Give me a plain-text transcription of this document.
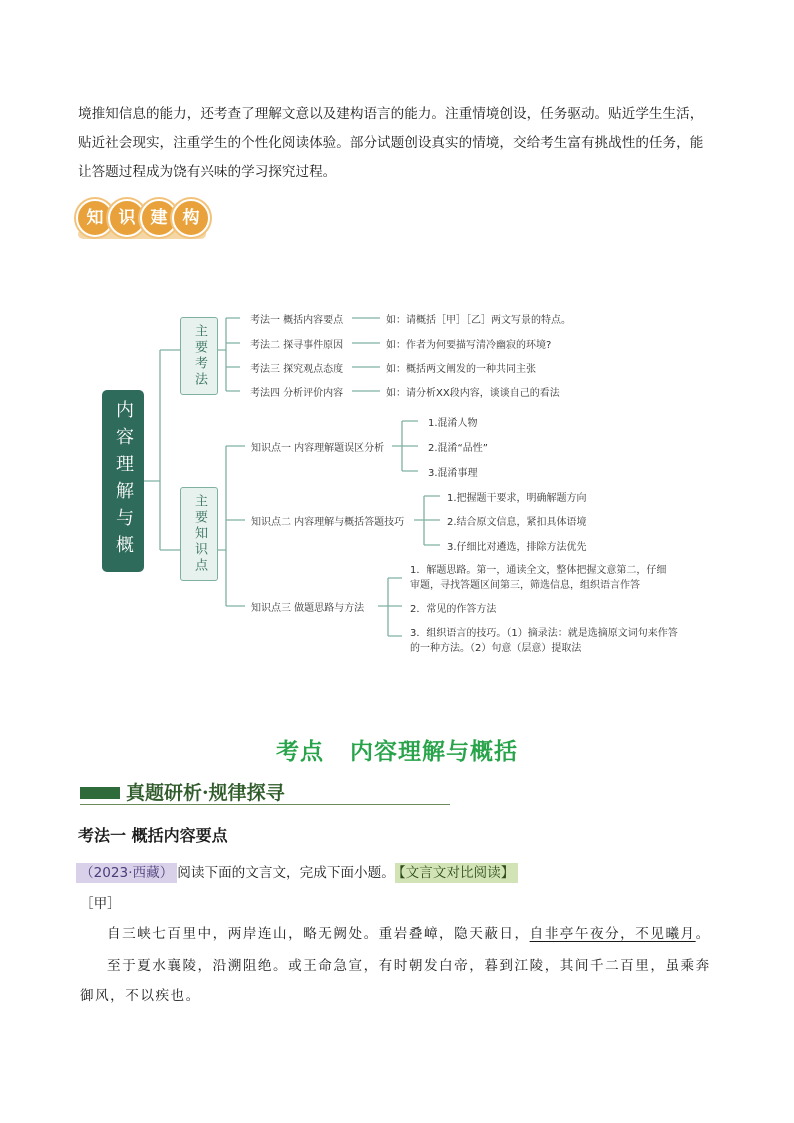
境推知信息的能力，还考查了理解文意以及建构语言的能力。注重情境创设，任务驱动。贴近学生生活，

贴近社会现实，注重学生的个性化阅读体验。部分试题创设真实的情境，交给考生富有挑战性的任务，能

让答题过程成为饶有兴味的学习探究过程。

知 识 建 构
内容理解与概括
主要考法
主要知识点
考法一 概括内容要点
考法二 探寻事件原因
考法三 探究观点态度
考法四 分析评价内容
如：请概括［甲］［乙］两文写景的特点。
如：作者为何要描写清冷幽寂的环境?
如：概括两文阐发的一种共同主张
如：请分析XX段内容，谈谈自己的看法
知识点一 内容理解题误区分析
知识点二 内容理解与概括答题技巧
知识点三 做题思路与方法
1.混淆人物
2.混淆“品性”
3.混淆事理
1.把握题干要求，明确解题方向
2.结合原文信息，紧扣具体语境
3.仔细比对遴选，排除方法优先
1．解题思路。第一，通读全文，整体把握文意第二，仔细审题，寻找答题区间第三，筛选信息，组织语言作答
2．常见的作答方法
3．组织语言的技巧。（1）摘录法：就是选摘原文词句来作答的一种方法。（2）句意（层意）提取法
考点 内容理解与概括
真题研析·规律探寻
考法一 概括内容要点
（2023·西藏） 阅读下面的文言文，完成下面小题。 【文言文对比阅读】
［甲］

自三峡七百里中，两岸连山，略无阙处。重岩叠嶂，隐天蔽日，自非亭午夜分，不见曦月。

至于夏水襄陵，沿溯阻绝。或王命急宣，有时朝发白帝，暮到江陵，其间千二百里，虽乘奔御风，不以疾也。
